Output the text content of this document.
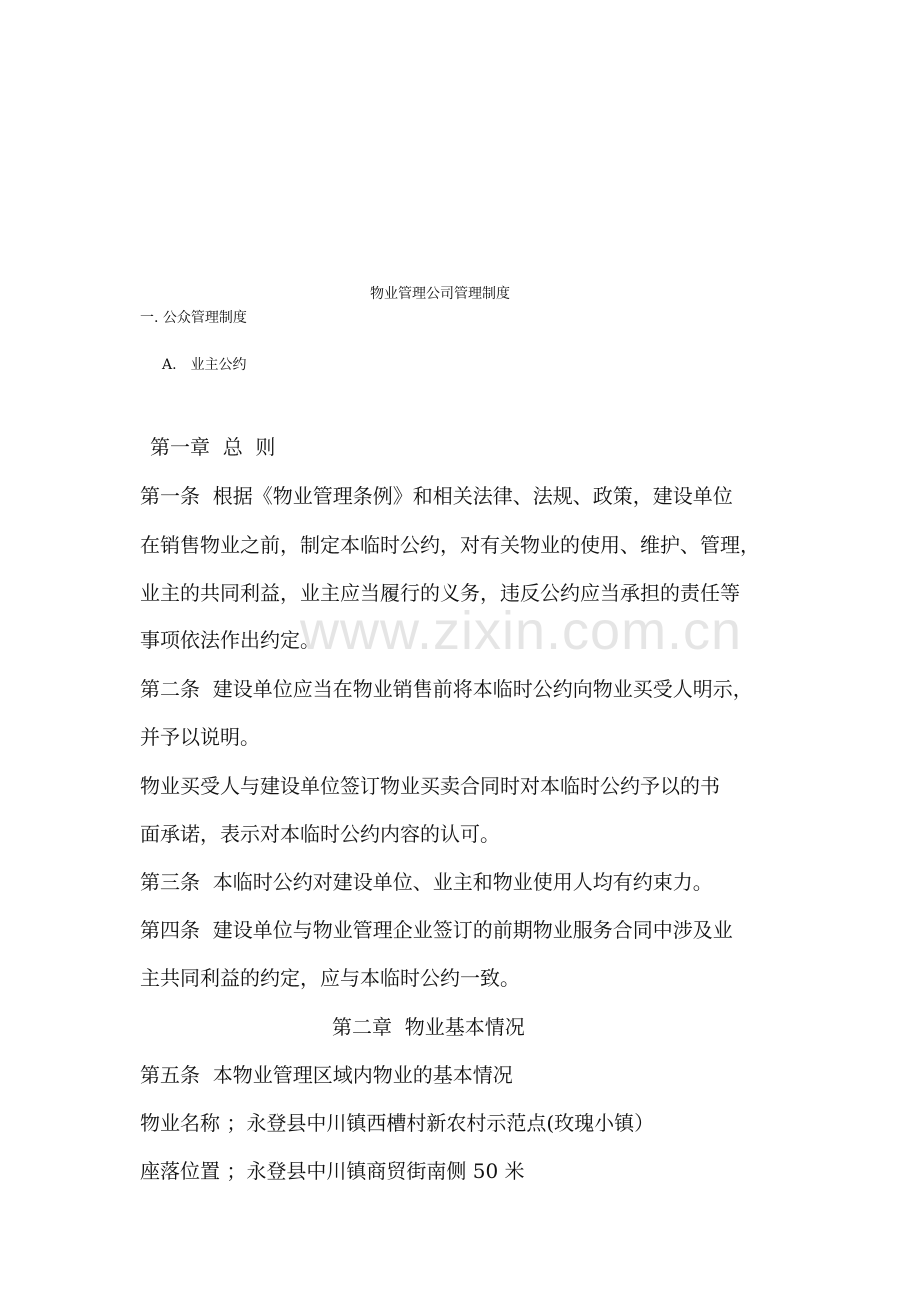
物业管理公司管理制度
一. 公众管理制度
A. 业主公约
第一章  总  则
第一条  根据《物业管理条例》和相关法律、法规、政策，建设单位
在销售物业之前，制定本临时公约，对有关物业的使用、维护、管理，
业主的共同利益，业主应当履行的义务，违反公约应当承担的责任等
事项依法作出约定。
第二条  建设单位应当在物业销售前将本临时公约向物业买受人明示，
并予以说明。
物业买受人与建设单位签订物业买卖合同时对本临时公约予以的书
面承诺，表示对本临时公约内容的认可。
第三条  本临时公约对建设单位、业主和物业使用人均有约束力。
第四条  建设单位与物业管理企业签订的前期物业服务合同中涉及业
主共同利益的约定，应与本临时公约一致。
第二章  物业基本情况
第五条  本物业管理区域内物业的基本情况
物业名称 ；永登县中川镇西槽村新农村示范点(玫瑰小镇）
座落位置 ；永登县中川镇商贸街南侧 50 米
www.zixin.com.cn
